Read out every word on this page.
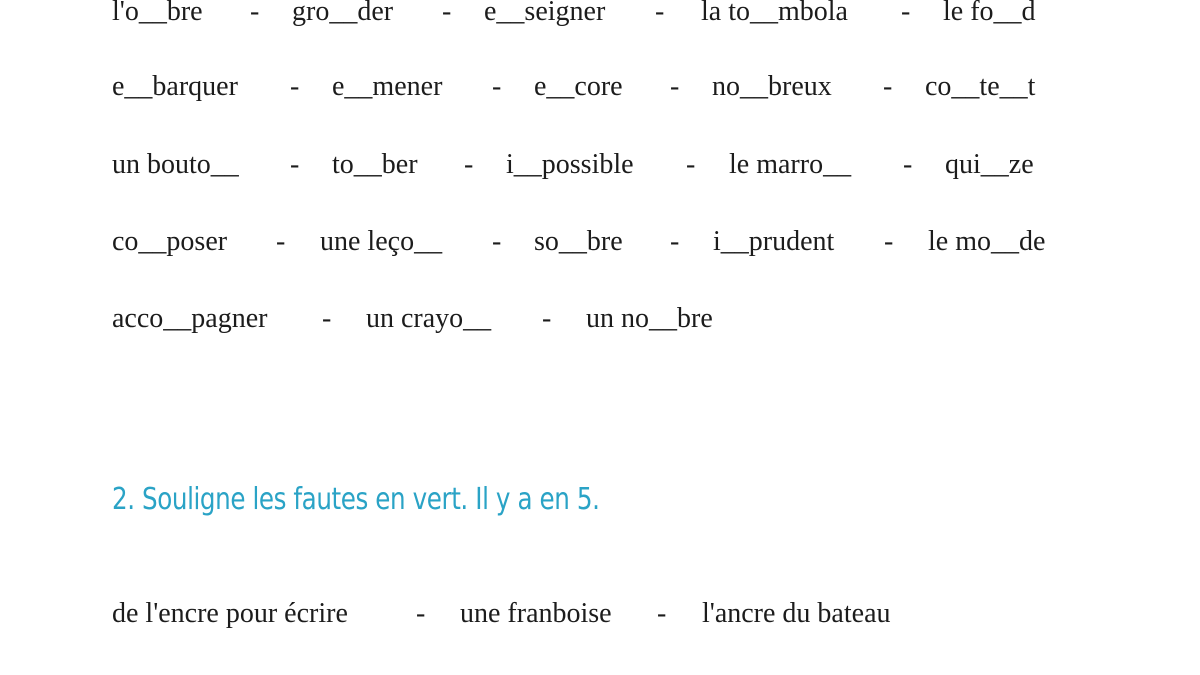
l'o__bre - gro__der - e__seigner - la to__mbola - le fo__d
e__barquer - e__mener - e__core - no__breux - co__te__t
un bouto__ - to__ber - i__possible - le marro__ - qui__ze
co__poser - une leço__ - so__bre - i__prudent - le mo__de
acco__pagner - un crayo__ - un no__bre
2. Souligne les fautes en vert. Il y a en 5.
de l'encre pour écrire - une franboise - l'ancre du bateau
